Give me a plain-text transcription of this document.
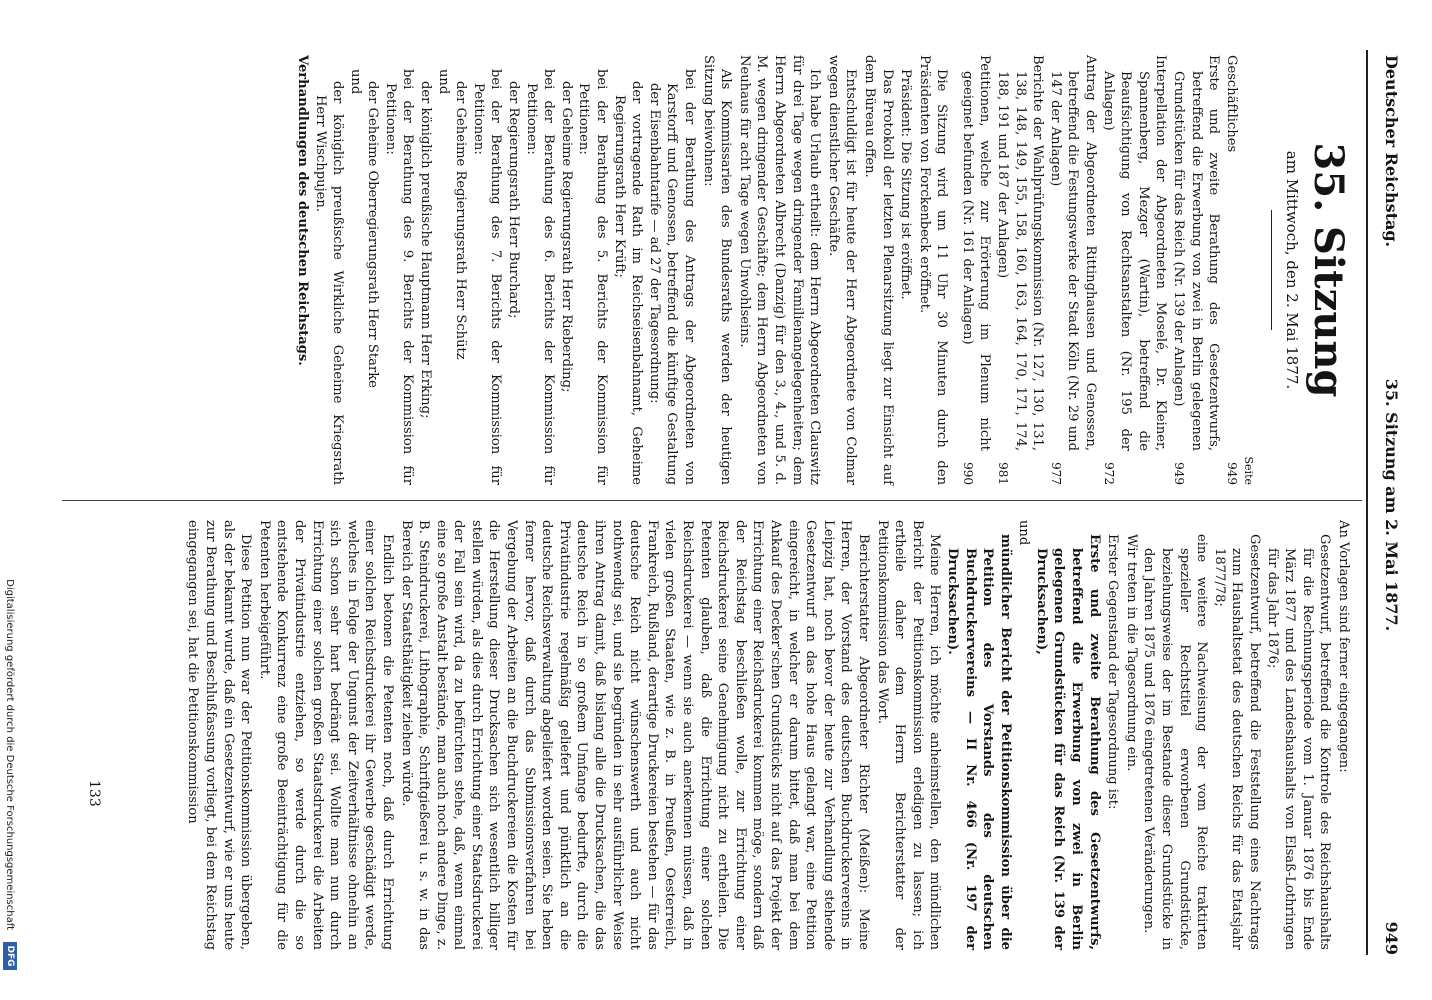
Deutscher Reichstag.
35. Sitzung am 2. Mai 1877.
949
35. Sitzung
am Mittwoch, den 2. Mai 1877.

Seite

Geschäftliches
949
Erste und zweite Berathung des Gesetzentwurfs, betreffend die Erwerbung von zwei in Berlin gelegenen Grundstücken für das Reich (Nr. 139 der Anlagen)
949
Interpellation der Abgeordneten Moselé, Dr. Kleiner, Spannenberg, Mezger (Wartin), betreffend die Beaufsichtigung von Rechtsanstalten (Nr. 195 der Anlagen)
972
Antrag der Abgeordneten Rittinghausen und Genossen, betreffend die Festungswerke der Stadt Köln (Nr. 29 und 147 der Anlagen)
977
Berichte der Wahlprüfungskommission (Nr. 127, 130, 131, 138, 148, 149, 155, 158, 160, 163, 164, 170, 171, 174, 188, 191 und 187 der Anlagen)
981
Petitionen, welche zur Erörterung im Plenum nicht geeignet befunden (Nr. 161 der Anlagen)
990

Die Sitzung wird um 11 Uhr 30 Minuten durch den Präsidenten von Forckenbeck eröffnet.

Präsident: Die Sitzung ist eröffnet.

Das Protokoll der letzten Plenarsitzung liegt zur Einsicht auf dem Büreau offen.

Entschuldigt ist für heute der Herr Abgeordnete von Colmar wegen dienstlicher Geschäfte.

Ich habe Urlaub ertheilt: dem Herrn Abgeordneten Clauswitz für drei Tage wegen dringender Familienangelegenheiten; dem Herrn Abgeordneten Albrecht (Danzig) für den 3., 4., und 5. d. M. wegen dringender Geschäfte; dem Herrn Abgeordneten von Neuhaus für acht Tage wegen Unwohlseins.

Als Kommissarien des Bundesraths werden der heutigen Sitzung beiwohnen:

bei der Berathung des Antrags der Abgeordneten von Karstorff und Genossen, betreffend die künftige Gestaltung der Eisenbahntarife — ad 27 der Tagesordnung:

der vortragende Rath im Reichseisenbahnamt, Geheime Regierungsrath Herr Krüft;

bei der Berathung des 5. Berichts der Kommission für Petitionen:

der Geheime Regierungsrath Herr Rieberding;

bei der Berathung des 6. Berichts der Kommission für Petitionen:

der Regierungsrath Herr Burchard;

bei der Berathung des 7. Berichts der Kommission für Petitionen:

der Geheime Regierungsrath Herr Schütz

und

der königlich preußische Hauptmann Herr Erking;

bei der Berathung des 9. Berichts der Kommission für Petitionen:

der Geheime Oberregierungsrath Herr Starke

und

der königlich preußische Wirkliche Geheime Kriegsrath Herr Wischpujen.

Verhandlungen des deutschen Reichstags.

An Vorlagen sind ferner eingegangen:

Gesetzentwurf, betreffend die Kontrole des Reichshaushalts für die Rechnungsperiode vom 1. Januar 1876 bis Ende März 1877 und des Landeshaushalts von Elsaß-Lothringen für das Jahr 1876;

Gesetzentwurf, betreffend die Feststellung eines Nachtrags zum Haushaltsetat des deutschen Reichs für das Etatsjahr 1877/78;

eine weitere Nachweisung der vom Reiche traktirten spezieller Rechtstitel erworbenen Grundstücke, beziehungsweise der im Bestande dieser Grundstücke in den Jahren 1875 und 1876 eingetretenen Veränderungen.

Wir treten in die Tagesordnung ein.

Erster Gegenstand der Tagesordnung ist:

Erste und zweite Berathung des Gesetzentwurfs, betreffend die Erwerbung von zwei in Berlin gelegenen Grundstücken für das Reich (Nr. 139 der Drucksachen),

und

mündlicher Bericht der Petitionskommission über die Petition des Vorstands des deutschen Buchdruckervereins — II Nr. 466 (Nr. 197 der Drucksachen).

Meine Herren, ich möchte anheimstellen, den mündlichen Bericht der Petitionskommission erledigen zu lassen; ich ertheile daher dem Herrn Berichterstatter der Petitionskommission das Wort.

Berichterstatter Abgeordneter Richter (Meißen): Meine Herren, der Vorstand des deutschen Buchdruckervereins in Leipzig hat, noch bevor der heute zur Verhandlung stehende Gesetzentwurf an das hohe Haus gelangt war, eine Petition eingereicht, in welcher er darum bittet, daß man bei dem Ankauf des Decker'schen Grundstücks nicht auf das Projekt der Errichtung einer Reichsdruckerei kommen möge, sondern daß der Reichstag beschließen wolle, zur Errichtung einer Reichsdruckerei seine Genehmigung nicht zu ertheilen. Die Petenten glauben, daß die Errichtung einer solchen Reichsdruckerei — wenn sie auch anerkennen müssen, daß in vielen großen Staaten, wie z. B. in Preußen, Oesterreich, Frankreich, Rußland, derartige Druckereien bestehen — für das deutsche Reich nicht wünschenswerth und auch nicht nothwendig sei, und sie begründen in sehr ausführlicher Weise ihren Antrag damit, daß bislang alle die Drucksachen, die das deutsche Reich in so großem Umfange bedurfte, durch die Privatindustrie regelmäßig geliefert und pünktlich an die deutsche Reichsverwaltung abgeliefert worden seien. Sie heben ferner hervor, daß durch das Submissionsverfahren bei Vergebung der Arbeiten an die Buchdruckereien die Kosten für die Herstellung dieser Drucksachen sich wesentlich billiger stellen würden, als dies durch Errichtung einer Staatsdruckerei der Fall sein wird, da zu befürchten stehe, daß, wenn einmal eine so große Anstalt bestände, man auch noch andere Dinge, z. B. Steindruckerei, Lithographie, Schriftgießerei u. s. w. in das Bereich der Staatsthätigkeit ziehen würde.

Endlich betonen die Petenten noch, daß durch Errichtung einer solchen Reichsdruckerei ihr Gewerbe geschädigt werde, welches in Folge der Ungunst der Zeitverhältnisse ohnehin an sich schon sehr hart bedrängt sei. Wollte man nun durch Errichtung einer solchen großen Staatsdruckerei die Arbeiten der Privatindustrie entziehen, so werde durch die so entstehende Konkurrenz eine große Beeinträchtigung für die Petenten herbeigeführt.

Diese Petition nun war der Petitionskommission übergeben, als der bekannt wurde, daß ein Gesetzentwurf, wie er uns heute zur Berathung und Beschlußfassung vorliegt, bei dem Reichstag eingegangen sei, hat die Petitionskommission

133
Digitalisierung gefördert durch die Deutsche Forschungsgemeinschaft
DFG
